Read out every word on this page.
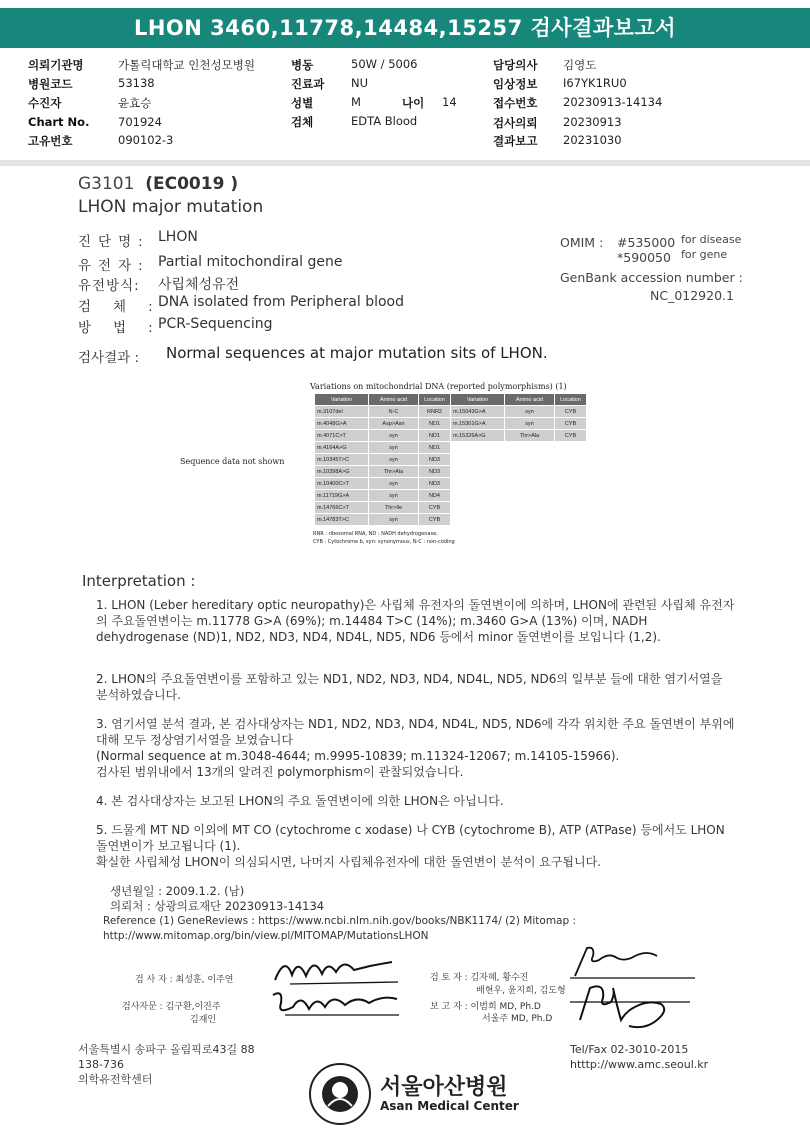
LHON 3460,11778,14484,15257 검사결과보고서
의뢰기관명	가톨릭대학교 인천성모병원
병원코드	53138
수진자	윤효승
Chart No. 701924
고유번호	090102-3
병동	50W / 5006
진료과 NU
성별	M	나이 14
검체	EDTA Blood
담당의사 김영도
임상정보 I67YK1RU0
접수번호 20230913-14134
검사의뢰 20230913
결과보고 20231030
G3101 (EC0019 )
LHON major mutation
진단명: LHON
유전자: Partial mitochondiral gene
유전방식: 사립체성유전
검체:
DNA isolated from Peripheral blood
방법:
PCR-Sequencing
OMIM : #535000 for disease
*590050 for gene
GenBank accession number :
NC_012920.1
검사결과 : Normal sequences at major mutation sits of LHON.
Variations on mitochondrial DNA (reported polymorphisms) (1)
Sequence data not shown
Variation	Amino acid	Location
m.3107del	N-C	RNR2
m.4048G>A	Asp>Asn	ND1
m.4071C>T	syn	ND1
m.4164A>G	syn	ND1
m.10345T>C	syn	ND3
m.10398A>G	Thr>Ala	ND3
m.10400C>T	syn	ND3
m.11719G>A	syn	ND4
m.14766C>T	Thr>Ile	CYB
m.14783T>C	syn	CYB
Variation	Amino acid	Location
m.15043G>A	syn	CYB
m.15301G>A	syn	CYB
m.15326A>G	Thr>Ala	CYB
RNR : ribosomal RNA, ND : NADH dehydrogenase,
CYB : Cytochrome b, syn: synonymous, N-C : non-coding
Interpretation :
1. LHON (Leber hereditary optic neuropathy)은 사립체 유전자의 돌연변이에 의하며, LHON에 관련된 사립체 유전자의 주요돌연변이는 m.11778 G>A (69%); m.14484 T>C (14%); m.3460 G>A (13%) 이며, NADH dehydrogenase (ND)1, ND2, ND3, ND4, ND4L, ND5, ND6 등에서 minor 돌연변이를 보입니다 (1,2).
2. LHON의 주요돌연변이를 포함하고 있는 ND1, ND2, ND3, ND4, ND4L, ND5, ND6의 일부분 들에 대한 염기서열을 분석하였습니다.
3. 염기서열 분석 결과, 본 검사대상자는 ND1, ND2, ND3, ND4, ND4L, ND5, ND6에 각각 위치한 주요 돌연변이 부위에 대해 모두 정상염기서열을 보였습니다
(Normal sequence at m.3048-4644; m.9995-10839; m.11324-12067; m.14105-15966).
검사된 범위내에서 13개의 알려진 polymorphism이 관찰되었습니다.
4. 본 검사대상자는 보고된 LHON의 주요 돌연변이에 의한 LHON은 아닙니다.
5. 드물게 MT ND 이외에 MT CO (cytochrome c xodase) 나 CYB (cytochrome B), ATP (ATPase) 등에서도 LHON 돌연변이가 보고됩니다 (1).
확실한 사립체성 LHON이 의심되시면, 나머지 사립체유전자에 대한 돌연변이 분석이 요구됩니다.
생년월일 : 2009.1.2. (남)
의뢰처 : 상광의료재단 20230913-14134
Reference (1) GeneReviews : https://www.ncbi.nlm.nih.gov/books/NBK1174/ (2) Mitomap :
http://www.mitomap.org/bin/view.pl/MITOMAP/MutationsLHON
검 사 자 : 최성훈, 이주연
검사자문 : 김구환,이진주
김재인
검 토 자 : 김자혜, 황수진
배현우, 윤지희, 김도형
보 고 자 : 이범희 MD, Ph.D
서울주 MD, Ph.D
서울특별시 송파구 올림픽로43길 88
138-736
의학유전학센터
Tel/Fax 02-3010-2015
htttp://www.amc.seoul.kr
서울아산병원
Asan Medical Center
